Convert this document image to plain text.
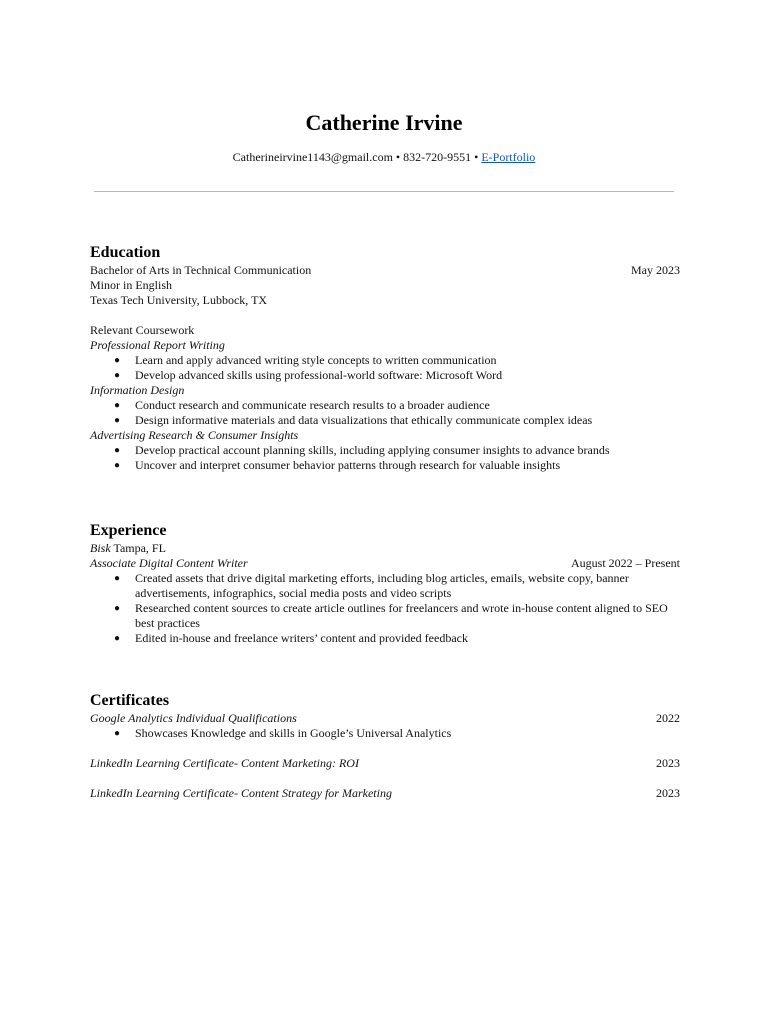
Catherine Irvine
Catherineirvine1143@gmail.com • 832-720-9551 • E-Portfolio
Education
Bachelor of Arts in Technical Communication	May 2023
Minor in English
Texas Tech University, Lubbock, TX
Relevant Coursework
Professional Report Writing
● Learn and apply advanced writing style concepts to written communication
● Develop advanced skills using professional-world software: Microsoft Word
Information Design
● Conduct research and communicate research results to a broader audience
● Design informative materials and data visualizations that ethically communicate complex ideas
Advertising Research & Consumer Insights
● Develop practical account planning skills, including applying consumer insights to advance brands
● Uncover and interpret consumer behavior patterns through research for valuable insights
Experience
Bisk Tampa, FL
Associate Digital Content Writer	August 2022 – Present
● Created assets that drive digital marketing efforts, including blog articles, emails, website copy, banner advertisements, infographics, social media posts and video scripts
● Researched content sources to create article outlines for freelancers and wrote in-house content aligned to SEO best practices
● Edited in-house and freelance writers’ content and provided feedback
Certificates
Google Analytics Individual Qualifications	2022
● Showcases Knowledge and skills in Google’s Universal Analytics
LinkedIn Learning Certificate- Content Marketing: ROI	2023
LinkedIn Learning Certificate- Content Strategy for Marketing	2023
